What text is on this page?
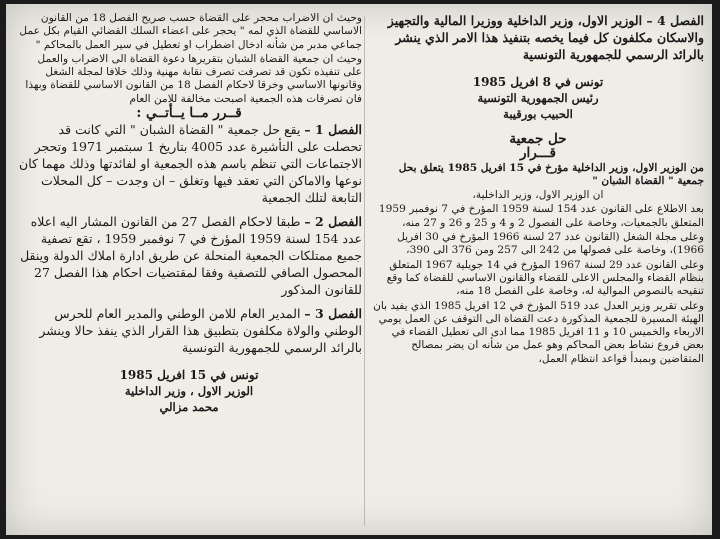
الفصل 4 – الوزير الاول، وزير الداخلية ووزيرا المالية والتجهيز والاسكان مكلفون كل فيما يخصه بتنفيذ هذا الامر الذي ينشر بالرائد الرسمي للجمهورية التونسية

تونس في 8 افريل 1985

رئيس الجمهورية التونسية

الحبيب بورقيبة

حل جمعية

قـــرار

من الوزير الاول، وزير الداخلية مؤرخ في 15 افريل 1985 يتعلق بحل جمعية " القضاة الشبان "

ان الوزير الاول، وزير الداخلية،

بعد الاطلاع على القانون عدد 154 لسنة 1959 المؤرخ في 7 نوفمبر 1959 المتعلق بالجمعيات، وخاصة على الفصول 2 و 4 و 25 و 26 و 27 منه،

وعلى مجلة الشغل (القانون عدد 27 لسنة 1966 المؤرخ في 30 افريل 1966)، وخاصة على فصولها من 242 الى 257 ومن 376 الى 390،

وعلى القانون عدد 29 لسنة 1967 المؤرخ في 14 جويلية 1967 المتعلق بنظام القضاء والمجلس الاعلى للقضاء والقانون الاساسي للقضاة كما وقع تنقيحه بالنصوص الموالية له، وخاصة على الفصل 18 منه،

وعلى تقرير وزير العدل عدد 519 المؤرخ في 12 افريل 1985 الذي يفيد بان الهيئة المسيرة للجمعية المذكورة دعت القضاة الى التوقف عن العمل يومي الاربعاء والخميس 10 و 11 افريل 1985 مما ادى الى تعطيل القضاء في بعض فروع نشاط بعض المحاكم وهو عمل من شأنه ان يضر بمصالح المتقاضين وبمبدأ قواعد انتظام العمل،

وحيث ان الاضراب محجر على القضاة حسب صريح الفصل 18 من القانون الاساسي للقضاة الذي لمه " يحجر على اعضاء السلك القضائي القيام بكل عمل جماعي مدبر من شأنه ادخال اضطراب او تعطيل في سير العمل بالمحاكم "

وحيث ان جمعية القضاة الشبان بتقريرها دعوة القضاة الى الاضراب والعمل على تنفيذه تكون قد تصرفت تصرف نقابة مهنية وذلك خلافا لمجلة الشغل وقانونها الاساسي وخرقا لاحكام الفصل 18 من القانون الاساسي للقضاة وبهذا فان تصرفات هذه الجمعية اصبحت مخالفة للامن العام

قــرر مــا يــأتــي :

الفصل 1 – يقع حل جمعية " القضاة الشبان " التي كانت قد تحصلت على التأشيرة عدد 4005 بتاريخ 1 سبتمبر 1971 وتحجر الاجتماعات التي تنظم باسم هذه الجمعية او لفائدتها وذلك مهما كان نوعها والاماكن التي تعقد فيها وتغلق – ان وجدت – كل المحلات التابعة لتلك الجمعية

الفصل 2 – طبقا لاحكام الفصل 27 من القانون المشار اليه اعلاه عدد 154 لسنة 1959 المؤرخ في 7 نوفمبر 1959 ، تقع تصفية جميع ممتلكات الجمعية المنحلة عن طريق ادارة املاك الدولة وينقل المحصول الصافي للتصفية وفقا لمقتضيات احكام هذا الفصل 27 للقانون المذكور

الفصل 3 – المدير العام للامن الوطني والمدير العام للحرس الوطني والولاة مكلفون بتطبيق هذا القرار الذي ينفذ حالا وينشر بالرائد الرسمي للجمهورية التونسية

تونس في 15 افريل 1985

الوزير الاول ، وزير الداخلية

محمد مزالي
